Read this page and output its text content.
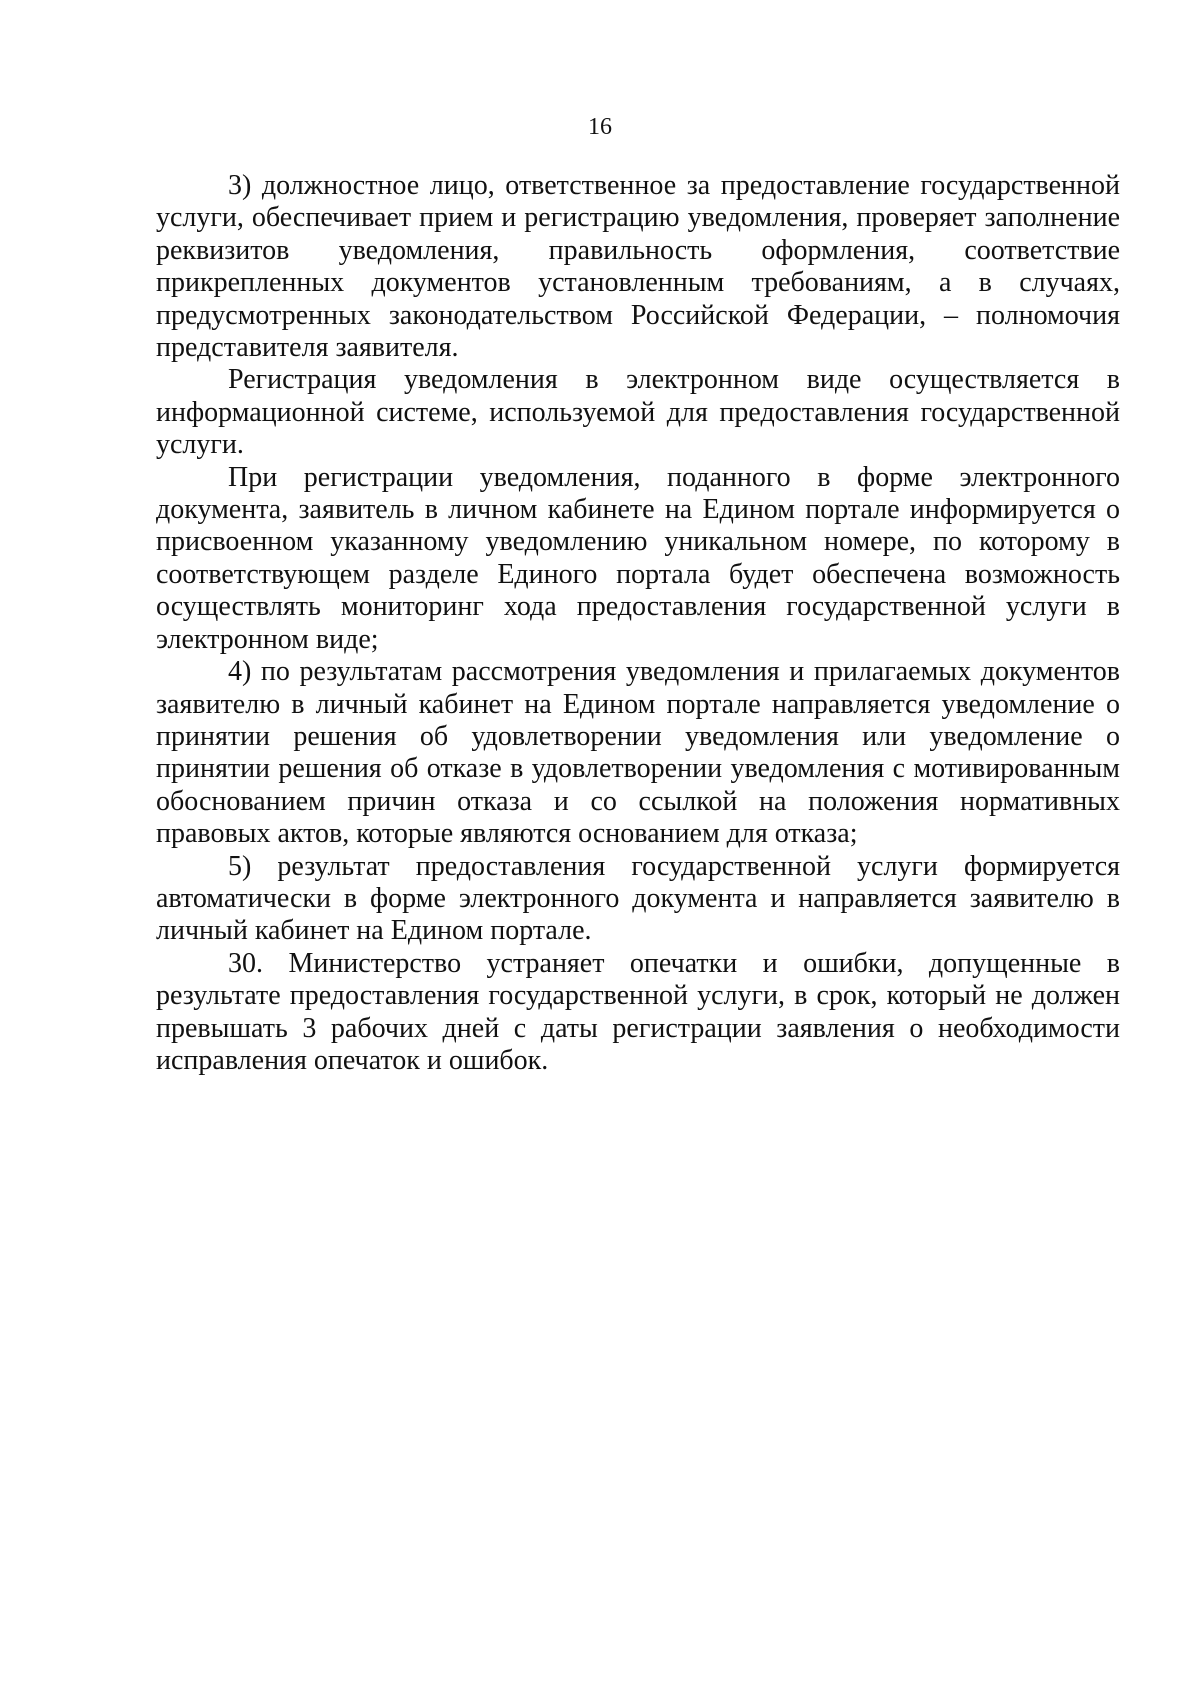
16

3) должностное лицо, ответственное за предоставление государственной услуги, обеспечивает прием и регистрацию уведомления, проверяет заполнение реквизитов уведомления, правильность оформления, соответствие прикрепленных документов установленным требованиям, а в случаях, предусмотренных законодательством Российской Федерации, – полномочия представителя заявителя.

Регистрация уведомления в электронном виде осуществляется в информационной системе, используемой для предоставления государственной услуги.

При регистрации уведомления, поданного в форме электронного документа, заявитель в личном кабинете на Едином портале информируется о присвоенном указанному уведомлению уникальном номере, по которому в соответствующем разделе Единого портала будет обеспечена возможность осуществлять мониторинг хода предоставления государственной услуги в электронном виде;

4) по результатам рассмотрения уведомления и прилагаемых документов заявителю в личный кабинет на Едином портале направляется уведомление о принятии решения об удовлетворении уведомления или уведомление о принятии решения об отказе в удовлетворении уведомления с мотивированным обоснованием причин отказа и со ссылкой на положения нормативных правовых актов, которые являются основанием для отказа;

5) результат предоставления государственной услуги формируется автоматически в форме электронного документа и направляется заявителю в личный кабинет на Едином портале.

30. Министерство устраняет опечатки и ошибки, допущенные в результате предоставления государственной услуги, в срок, который не должен превышать 3 рабочих дней с даты регистрации заявления о необходимости исправления опечаток и ошибок.
